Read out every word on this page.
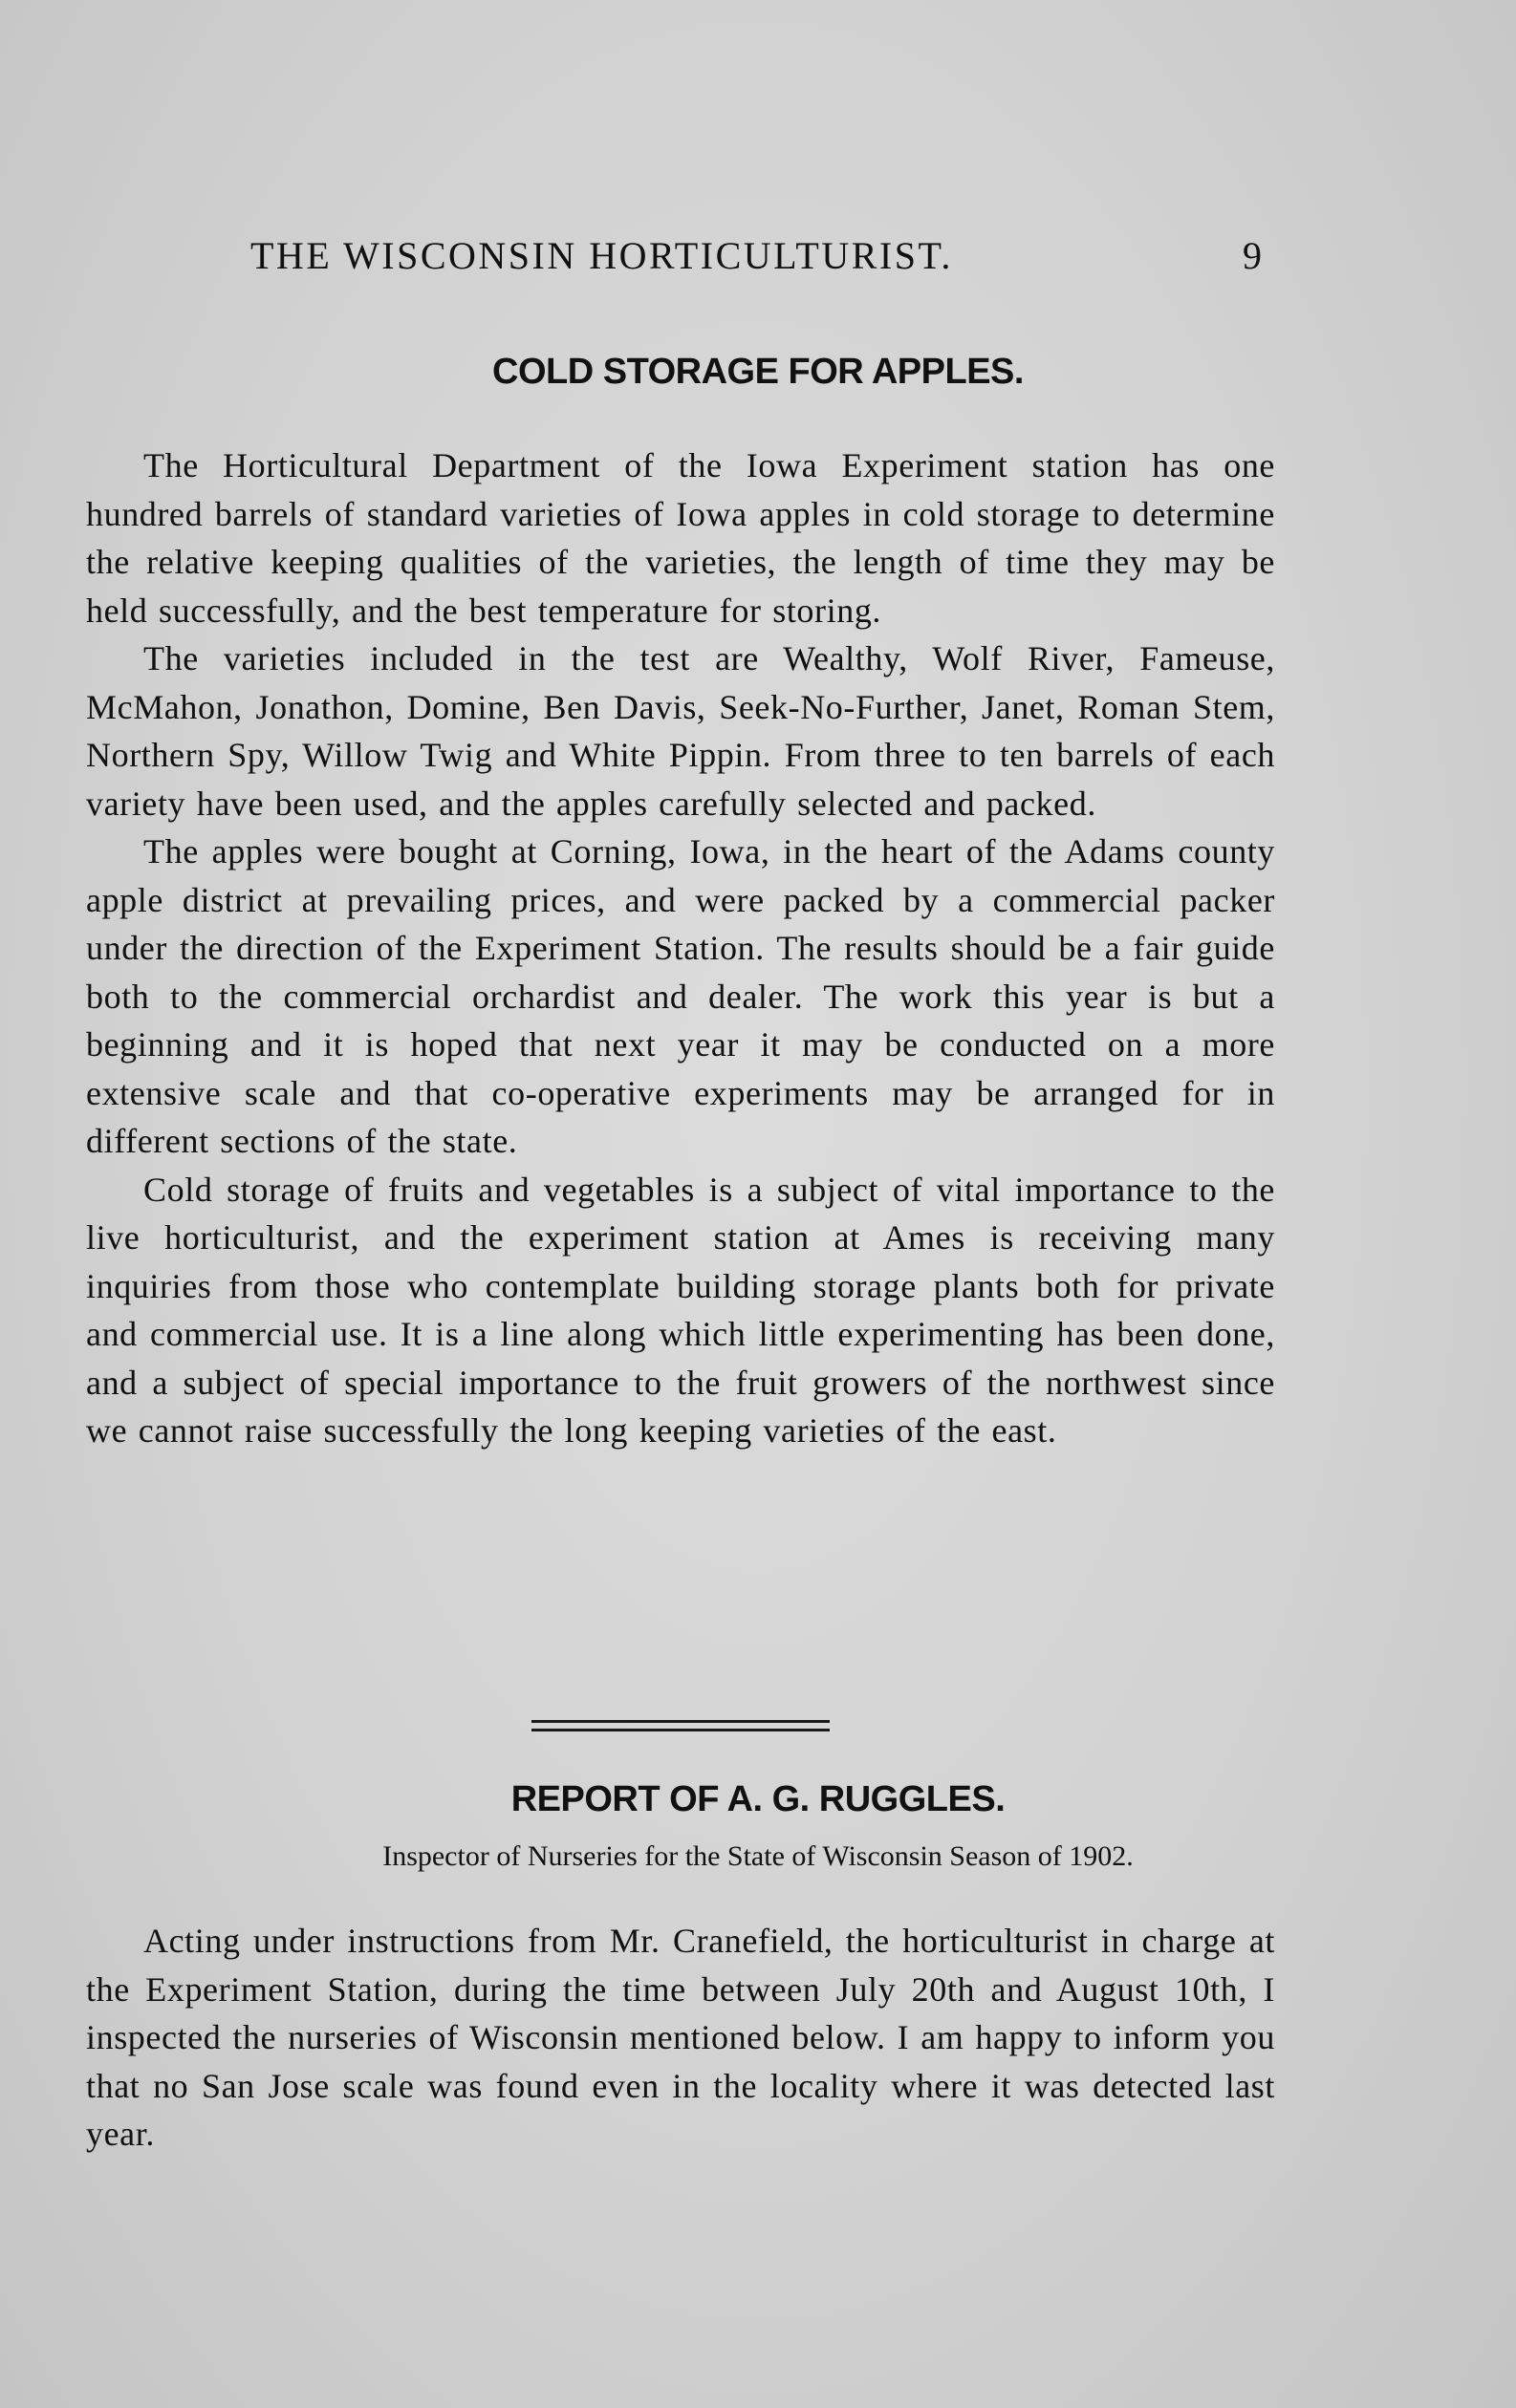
THE WISCONSIN HORTICULTURIST.	9
COLD STORAGE FOR APPLES.

The Horticultural Department of the Iowa Experiment station has one hundred barrels of standard varieties of Iowa apples in cold storage to determine the relative keeping qualities of the varieties, the length of time they may be held successfully, and the best temperature for storing.

The varieties included in the test are Wealthy, Wolf River, Fameuse, McMahon, Jonathon, Domine, Ben Davis, Seek-No-Further, Janet, Roman Stem, Northern Spy, Willow Twig and White Pippin. From three to ten barrels of each variety have been used, and the apples carefully selected and packed.

The apples were bought at Corning, Iowa, in the heart of the Adams county apple district at prevailing prices, and were packed by a commercial packer under the direction of the Experiment Station. The results should be a fair guide both to the commercial orchardist and dealer. The work this year is but a beginning and it is hoped that next year it may be conducted on a more extensive scale and that co-operative experiments may be arranged for in different sections of the state.

Cold storage of fruits and vegetables is a subject of vital importance to the live horticulturist, and the experiment station at Ames is receiving many inquiries from those who contemplate building storage plants both for private and commercial use. It is a line along which little experimenting has been done, and a subject of special importance to the fruit growers of the northwest since we cannot raise successfully the long keeping varieties of the east.

REPORT OF A. G. RUGGLES.
Inspector of Nurseries for the State of Wisconsin Season of 1902.

Acting under instructions from Mr. Cranefield, the horticulturist in charge at the Experiment Station, during the time between July 20th and August 10th, I inspected the nurseries of Wisconsin mentioned below. I am happy to inform you that no San Jose scale was found even in the locality where it was detected last year.
